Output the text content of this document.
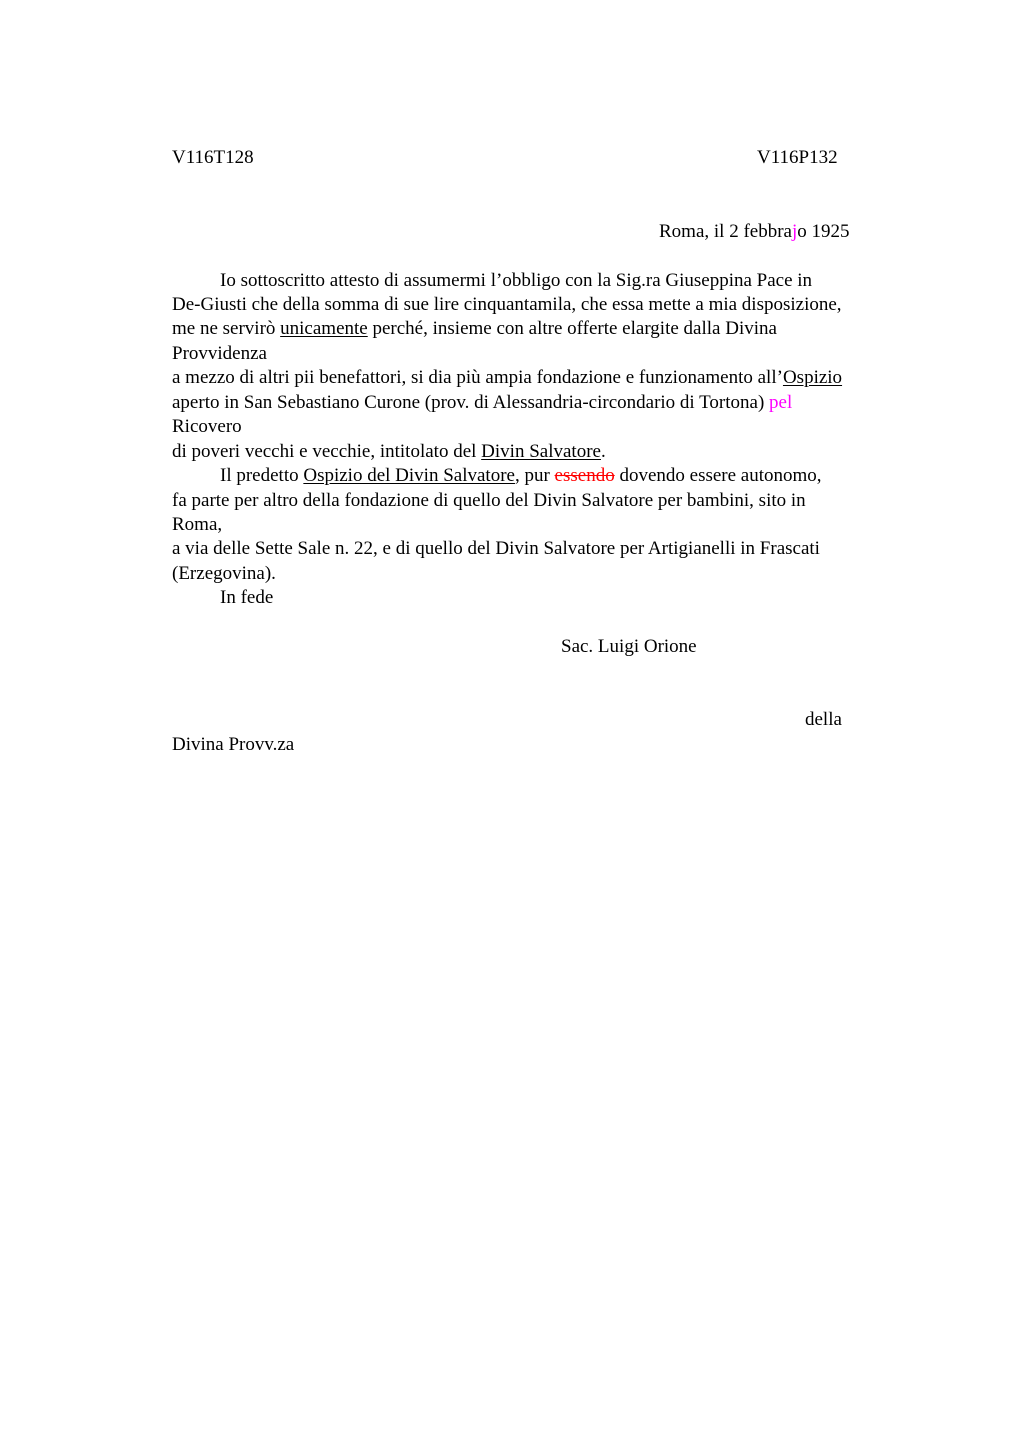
V116T128	V116P132
Roma, il 2 febbrajo 1925
Io sottoscritto attesto di assumermi l’obbligo con la Sig.ra Giuseppina Pace in
De-Giusti che della somma di sue lire cinquantamila, che essa mette a mia disposizione,
me ne servirò unicamente perché, insieme con altre offerte elargite dalla Divina
Provvidenza
a mezzo di altri pii benefattori, si dia più ampia fondazione e funzionamento all’Ospizio
aperto in San Sebastiano Curone (prov. di Alessandria-circondario di Tortona) pel
Ricovero
di poveri vecchi e vecchie, intitolato del Divin Salvatore.
Il predetto Ospizio del Divin Salvatore, pur essendo dovendo essere autonomo,
fa parte per altro della fondazione di quello del Divin Salvatore per bambini, sito in
Roma,
a via delle Sette Sale n. 22, e di quello del Divin Salvatore per Artigianelli in Frascati
(Erzegovina).
In fede
Sac. Luigi Orione
della
Divina Provv.za
